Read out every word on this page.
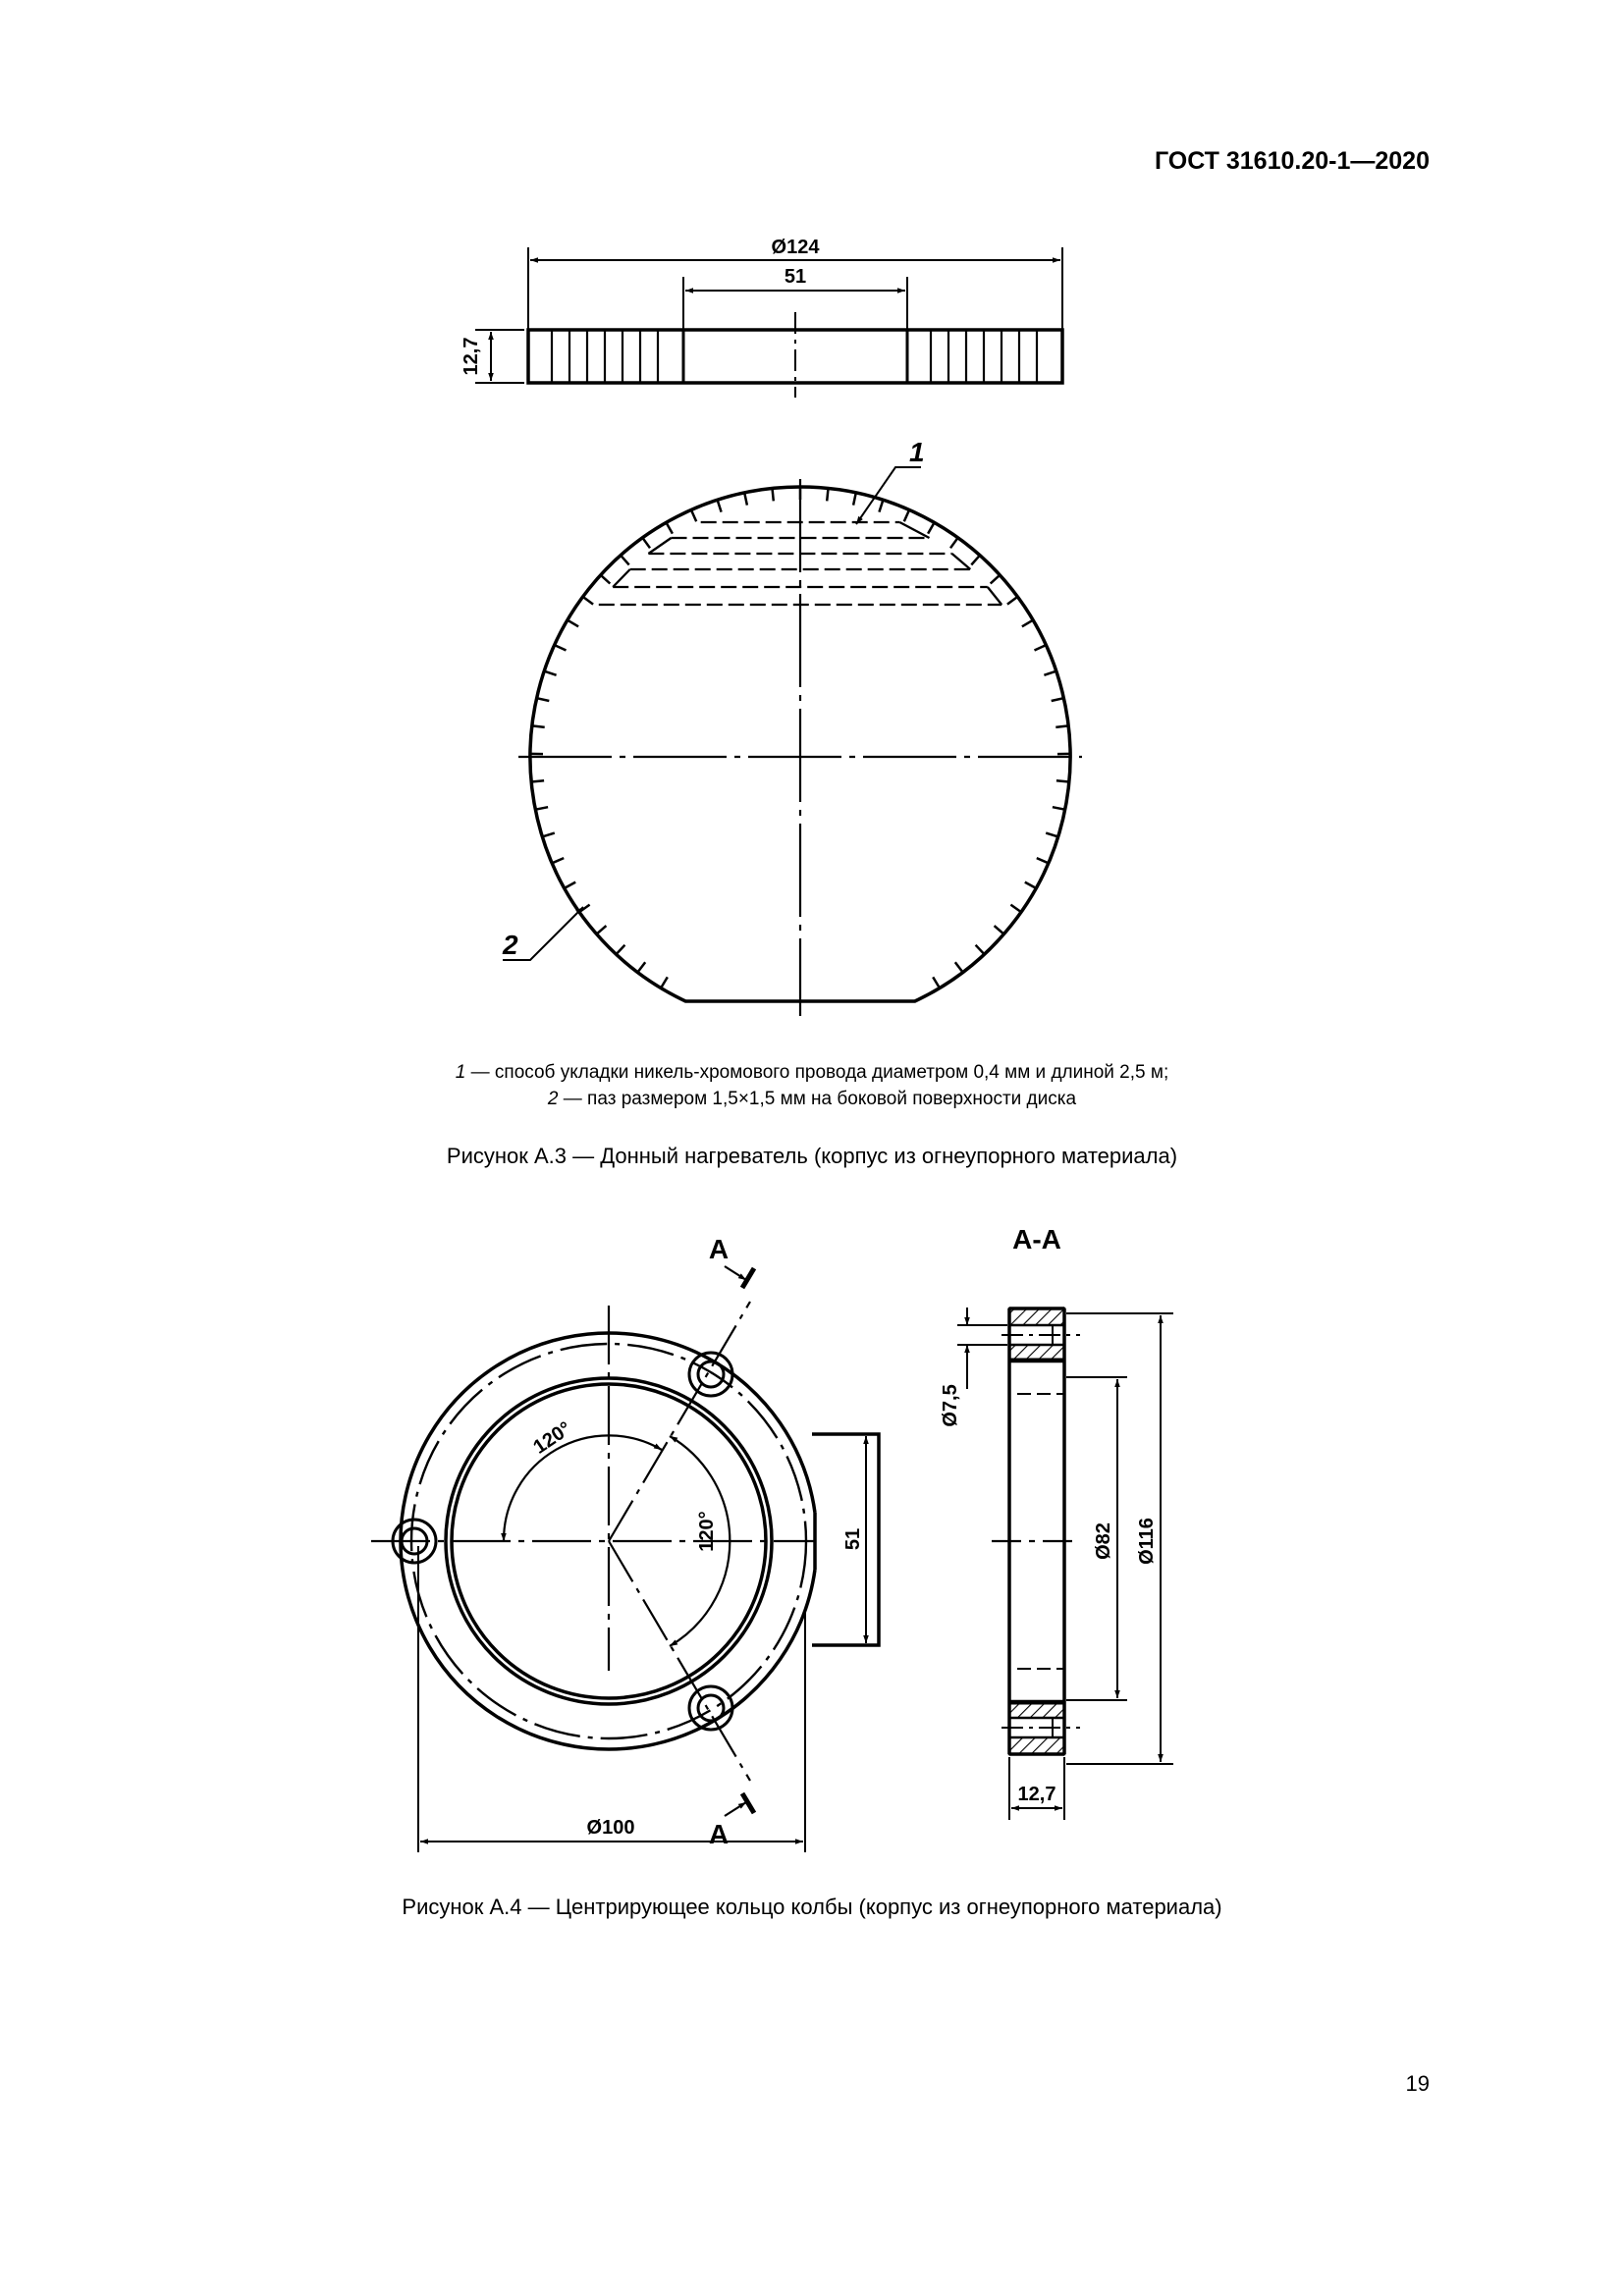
ГОСТ 31610.20-1—2020
Ø124
51
12,7
1
2
1 — способ укладки никель-хромового провода диаметром 0,4 мм и длиной 2,5 м;
2 — паз размером 1,5×1,5 мм на боковой поверхности диска
Рисунок А.3 — Донный нагреватель (корпус из огнеупорного материала)
А
А
120°
120°	51
Ø100
А-А
Ø7,5
Ø82 Ø116
12,7
Рисунок А.4 — Центрирующее кольцо колбы (корпус из огнеупорного материала)
19
